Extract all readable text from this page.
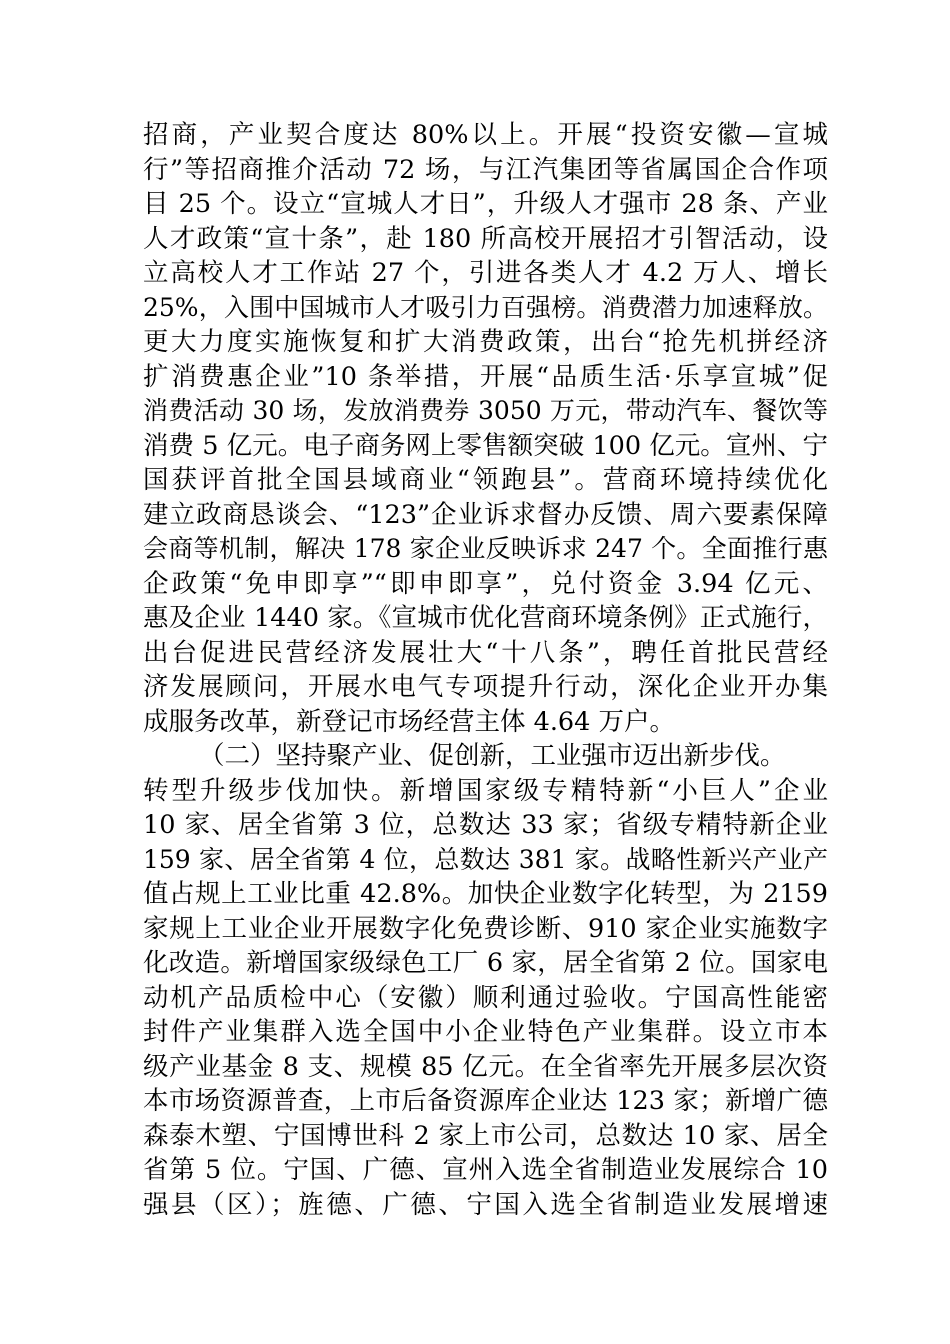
招商，产业契合度达 80%以上。开展“投资安徽—宣城
行”等招商推介活动 72 场，与江汽集团等省属国企合作项
目 25 个。设立“宣城人才日”，升级人才强市 28 条、产业
人才政策“宣十条”，赴 180 所高校开展招才引智活动，设
立高校人才工作站 27 个，引进各类人才 4.2 万人、增长
25%，入围中国城市人才吸引力百强榜。消费潜力加速释放。
更大力度实施恢复和扩大消费政策，出台“抢先机拼经济
扩消费惠企业”10 条举措，开展“品质生活·乐享宣城”促
消费活动 30 场，发放消费券 3050 万元，带动汽车、餐饮等
消费 5 亿元。电子商务网上零售额突破 100 亿元。宣州、宁
国获评首批全国县域商业“领跑县”。营商环境持续优化
建立政商恳谈会、“123”企业诉求督办反馈、周六要素保障
会商等机制，解决 178 家企业反映诉求 247 个。全面推行惠
企政策“免申即享”“即申即享”，兑付资金 3.94 亿元、
惠及企业 1440 家。《宣城市优化营商环境条例》正式施行，
出台促进民营经济发展壮大“十八条”，聘任首批民营经
济发展顾问，开展水电气专项提升行动，深化企业开办集
成服务改革，新登记市场经营主体 4.64 万户。
（二）坚持聚产业、促创新，工业强市迈出新步伐。
转型升级步伐加快。新增国家级专精特新“小巨人”企业
10 家、居全省第 3 位，总数达 33 家；省级专精特新企业
159 家、居全省第 4 位，总数达 381 家。战略性新兴产业产
值占规上工业比重 42.8%。加快企业数字化转型，为 2159
家规上工业企业开展数字化免费诊断、910 家企业实施数字
化改造。新增国家级绿色工厂 6 家，居全省第 2 位。国家电
动机产品质检中心（安徽）顺利通过验收。宁国高性能密
封件产业集群入选全国中小企业特色产业集群。设立市本
级产业基金 8 支、规模 85 亿元。在全省率先开展多层次资
本市场资源普查，上市后备资源库企业达 123 家；新增广德
森泰木塑、宁国博世科 2 家上市公司，总数达 10 家、居全
省第 5 位。宁国、广德、宣州入选全省制造业发展综合 10
强县（区）；旌德、广德、宁国入选全省制造业发展增速
